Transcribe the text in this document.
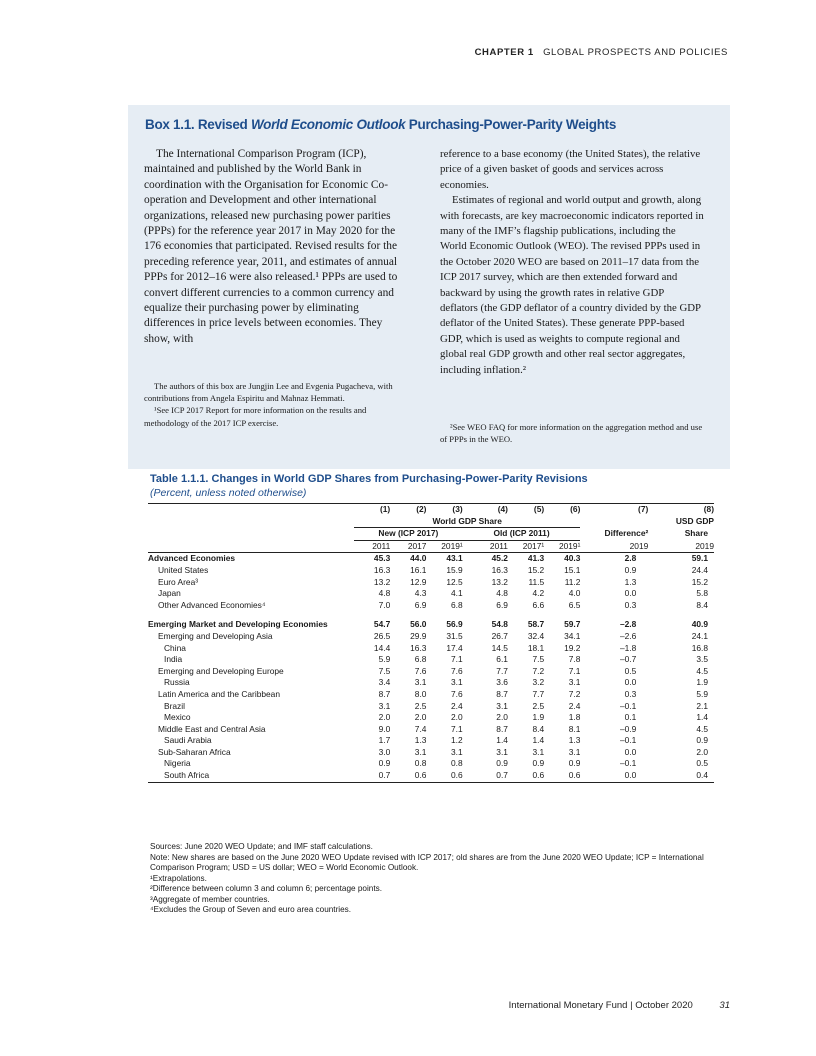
CHAPTER 1 GLOBAL PROSPECTS AND POLICIES
Box 1.1. Revised World Economic Outlook Purchasing-Power-Parity Weights

The International Comparison Program (ICP), maintained and published by the World Bank in coordination with the Organisation for Economic Co-operation and Development and other international organizations, released new purchasing power parities (PPPs) for the reference year 2017 in May 2020 for the 176 economies that participated. Revised results for the preceding reference year, 2011, and estimates of annual PPPs for 2012–16 were also released.¹ PPPs are used to convert different currencies to a common currency and equalize their purchasing power by eliminating differences in price levels between economies. They show, with

reference to a base economy (the United States), the relative price of a given basket of goods and services across economies.

Estimates of regional and world output and growth, along with forecasts, are key macroeconomic indicators reported in many of the IMF’s flagship publications, including the World Economic Outlook (WEO). The revised PPPs used in the October 2020 WEO are based on 2011–17 data from the ICP 2017 survey, which are then extended forward and backward by using the growth rates in relative GDP deflators (the GDP deflator of a country divided by the GDP deflator of the United States). These generate PPP-based GDP, which is used as weights to compute regional and global real GDP growth and other real sector aggregates, including inflation.²

The authors of this box are Jungjin Lee and Evgenia Pugacheva, with contributions from Angela Espiritu and Mahnaz Hemmati.

¹See ICP 2017 Report for more information on the results and methodology of the 2017 ICP exercise.	²See WEO FAQ for more information on the aggregation method and use of PPPs in the WEO.

Table 1.1.1. Changes in World GDP Shares from Purchasing-Power-Parity Revisions
(Percent, unless noted otherwise)
	(1)	(2)	(3)	(4)	(5)	(6)	(7)	(8)
	World GDP Share							USD GDP
	New (ICP 2017)			Old (ICP 2011)			Difference²	Share
	2011	2017	2019¹	2011	2017¹	2019¹	2019	2019
Advanced Economies	45.3	44.0	43.1	45.2	41.3	40.3	2.8	59.1
United States	16.3	16.1	15.9	16.3	15.2	15.1	0.9	24.4
Euro Area³	13.2	12.9	12.5	13.2	11.5	11.2	1.3	15.2
Japan	4.8	4.3	4.1	4.8	4.2	4.0	0.0	5.8
Other Advanced Economies⁴	7.0	6.9	6.8	6.9	6.6	6.5	0.3	8.4

Emerging Market and Developing Economies	54.7	56.0	56.9	54.8	58.7	59.7	–2.8	40.9
Emerging and Developing Asia	26.5	29.9	31.5	26.7	32.4	34.1	–2.6	24.1
China	14.4	16.3	17.4	14.5	18.1	19.2	–1.8	16.8
India	5.9	6.8	7.1	6.1	7.5	7.8	–0.7	3.5
Emerging and Developing Europe	7.5	7.6	7.6	7.7	7.2	7.1	0.5	4.5
Russia	3.4	3.1	3.1	3.6	3.2	3.1	0.0	1.9
Latin America and the Caribbean	8.7	8.0	7.6	8.7	7.7	7.2	0.3	5.9
Brazil	3.1	2.5	2.4	3.1	2.5	2.4	–0.1	2.1
Mexico	2.0	2.0	2.0	2.0	1.9	1.8	0.1	1.4
Middle East and Central Asia	9.0	7.4	7.1	8.7	8.4	8.1	–0.9	4.5
Saudi Arabia	1.7	1.3	1.2	1.4	1.4	1.3	–0.1	0.9
Sub-Saharan Africa	3.0	3.1	3.1	3.1	3.1	3.1	0.0	2.0
Nigeria	0.9	0.8	0.8	0.9	0.9	0.9	–0.1	0.5
South Africa	0.7	0.6	0.6	0.7	0.6	0.6	0.0	0.4
Sources: June 2020 WEO Update; and IMF staff calculations.
Note: New shares are based on the June 2020 WEO Update revised with ICP 2017; old shares are from the June 2020 WEO Update; ICP = International Comparison Program; USD = US dollar; WEO = World Economic Outlook.
¹Extrapolations.
²Difference between column 3 and column 6; percentage points.
³Aggregate of member countries.
⁴Excludes the Group of Seven and euro area countries.
International Monetary Fund | October 2020	31
